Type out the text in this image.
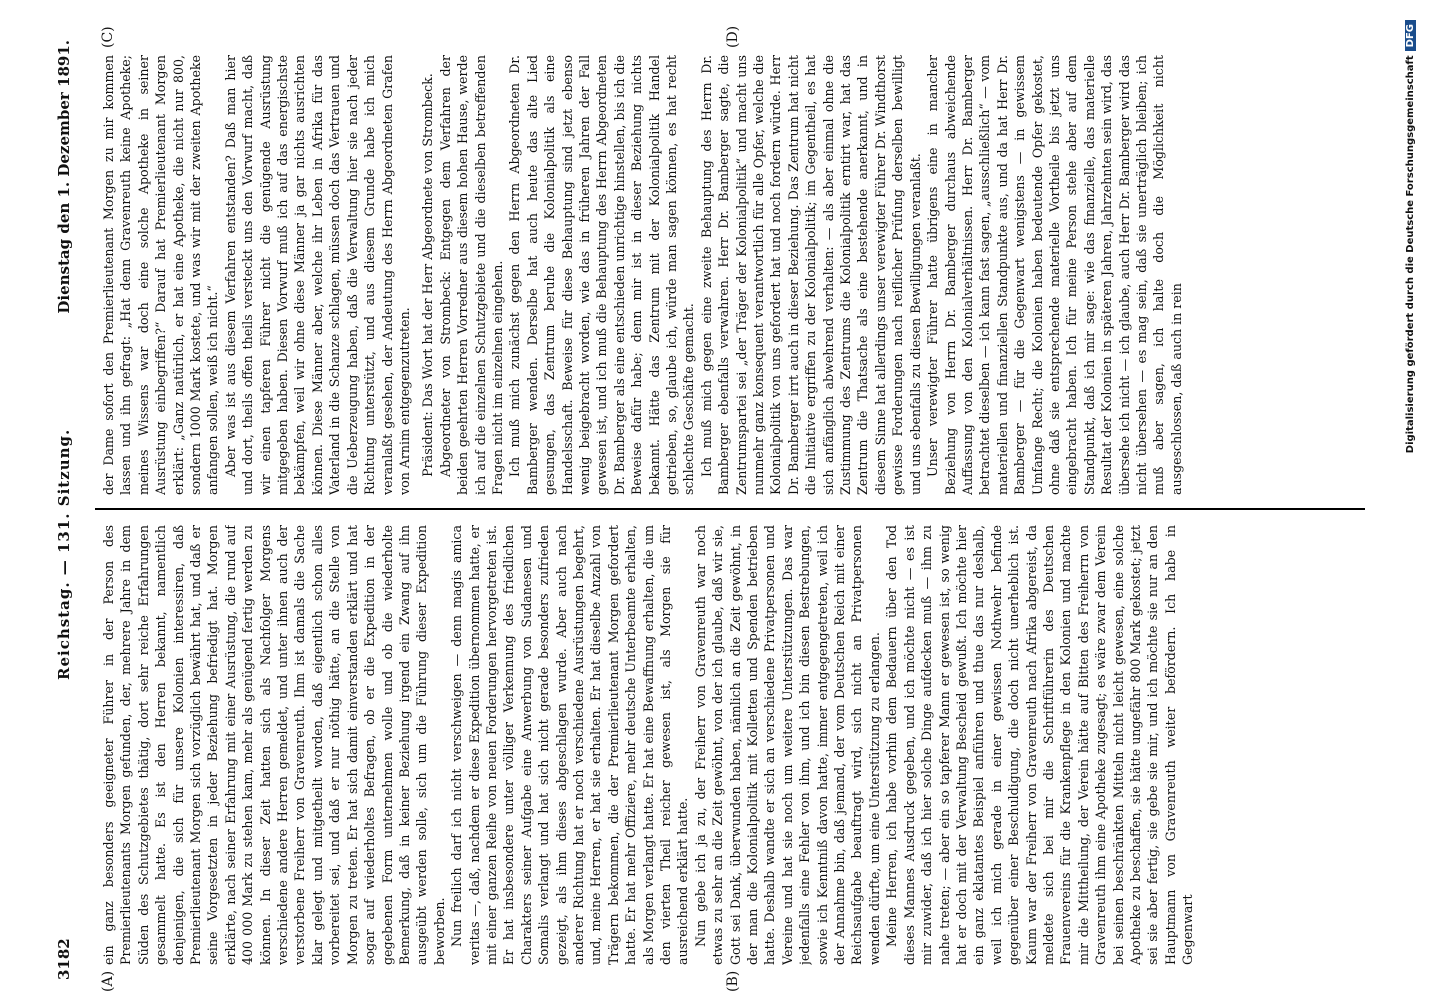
3182
Reichstag. — 131. Sitzung.
Dienstag den 1. Dezember 1891.
(A)	(B)
(C)	(D)

ein ganz besonders geeigneter Führer in der Person des Premierlieutenants Morgen gefunden, der, mehrere Jahre in dem Süden des Schutzgebietes thätig, dort sehr reiche Erfahrungen gesammelt hatte. Es ist den Herren bekannt, namentlich denjenigen, die sich für unsere Kolonien interessiren, daß Premierlieutenant Morgen sich vorzüglich bewährt hat, und daß er seine Vorgesetzten in jeder Beziehung befriedigt hat. Morgen erklärte, nach seiner Erfahrung mit einer Ausrüstung, die rund auf 400 000 Mark zu stehen kam, mehr als genügend fertig werden zu können. In dieser Zeit hatten sich als Nachfolger Morgens verschiedene andere Herren gemeldet, und unter ihnen auch der verstorbene Freiherr von Gravenreuth. Ihm ist damals die Sache klar gelegt und mitgetheilt worden, daß eigentlich schon alles vorbereitet sei, und daß er nur nöthig hätte, an die Stelle von Morgen zu treten. Er hat sich damit einverstanden erklärt und hat sogar auf wiederholtes Befragen, ob er die Expedition in der gegebenen Form unternehmen wolle und ob die wiederholte Bemerkung, daß in keiner Beziehung irgend ein Zwang auf ihn ausgeübt werden solle, sich um die Führung dieser Expedition beworben. Nun freilich darf ich nicht verschweigen — denn magis amica veritas —, daß, nachdem er diese Expedition übernommen hatte, er mit einer ganzen Reihe von neuen Forderungen hervorgetreten ist. Er hat insbesondere unter völliger Verkennung des friedlichen Charakters seiner Aufgabe eine Anwerbung von Sudanesen und Somalis verlangt und hat sich nicht gerade besonders zufrieden gezeigt, als ihm dieses abgeschlagen wurde. Aber auch nach anderer Richtung hat er noch verschiedene Ausrüstungen begehrt, und, meine Herren, er hat sie erhalten. Er hat dieselbe Anzahl von Trägern bekommen, die der Premierlieutenant Morgen gefordert hatte. Er hat mehr Offiziere, mehr deutsche Unterbeamte erhalten, als Morgen verlangt hatte. Er hat eine Bewaffnung erhalten, die um den vierten Theil reicher gewesen ist, als Morgen sie für ausreichend erklärt hatte. Nun gebe ich ja zu, der Freiherr von Gravenreuth war noch etwas zu sehr an die Zeit gewöhnt, von der ich glaube, daß wir sie, Gott sei Dank, überwunden haben, nämlich an die Zeit gewöhnt, in der man die Kolonialpolitik mit Kolletten und Spenden betrieben hatte. Deshalb wandte er sich an verschiedene Privatpersonen und Vereine und hat sie noch um weitere Unterstützungen. Das war jedenfalls eine Fehler von ihm, und ich bin diesen Bestrebungen, sowie ich Kenntniß davon hatte, immer entgegengetreten, weil ich der Annahme bin, daß jemand, der vom Deutschen Reich mit einer Reichsaufgabe beauftragt wird, sich nicht an Privatpersonen wenden dürfte, um eine Unterstützung zu erlangen. Meine Herren, ich habe vorhin dem Bedauern über den Tod dieses Mannes Ausdruck gegeben, und ich möchte nicht — es ist mir zuwider, daß ich hier solche Dinge aufdecken muß — ihm zu nahe treten; — aber ein so tapferer Mann er gewesen ist, so wenig hat er doch mit der Verwaltung Bescheid gewußt. Ich möchte hier ein ganz eklatantes Beispiel anführen und thue das nur deshalb, weil ich mich gerade in einer gewissen Nothwehr befinde gegenüber einer Beschuldigung, die doch nicht unerheblich ist. Kaum war der Freiherr von Gravenreuth nach Afrika abgereist, da meldete sich bei mir die Schriftführerin des Deutschen Frauenvereins für die Krankenpflege in den Kolonien und machte mir die Mittheilung, der Verein hätte auf Bitten des Freiherrn von Gravenreuth ihm eine Apotheke zugesagt; es wäre zwar dem Verein bei seinen beschränkten Mitteln nicht leicht gewesen, eine solche Apotheke zu beschaffen, sie hätte ungefähr 800 Mark gekostet; jetzt sei sie aber fertig, sie gebe sie mir, und ich möchte sie nur an den Hauptmann von Gravenreuth weiter befördern. Ich habe in Gegenwart

der Dame sofort den Premierlieutenant Morgen zu mir kommen lassen und ihn gefragt: „Hat denn Gravenreuth keine Apotheke; meines Wissens war doch eine solche Apotheke in seiner Ausrüstung einbegriffen?“ Darauf hat Premierlieutenant Morgen erklärt: „Ganz natürlich, er hat eine Apotheke, die nicht nur 800, sondern 1000 Mark kostete, und was wir mit der zweiten Apotheke anfangen sollen, weiß ich nicht.“ Aber was ist aus diesem Verfahren entstanden? Daß man hier und dort, theils offen theils versteckt uns den Vorwurf macht, daß wir einen tapferen Führer nicht die genügende Ausrüstung mitgegeben haben. Diesen Vorwurf muß ich auf das energischste bekämpfen, weil wir ohne diese Männer ja gar nichts ausrichten können. Diese Männer aber, welche ihr Leben in Afrika für das Vaterland in die Schanze schlagen, müssen doch das Vertrauen und die Ueberzeugung haben, daß die Verwaltung hier sie nach jeder Richtung unterstützt, und aus diesem Grunde habe ich mich veranlaßt gesehen, der Andeutung des Herrn Abgeordneten Grafen von Arnim entgegenzutreten. Präsident: Das Wort hat der Herr Abgeordnete von Strombeck. Abgeordneter von Strombeck: Entgegen dem Verfahren der beiden geehrten Herren Vorredner aus diesem hohen Hause, werde ich auf die einzelnen Schutzgebiete und die dieselben betreffenden Fragen nicht im einzelnen eingehen. Ich muß mich zunächst gegen den Herrn Abgeordneten Dr. Bamberger wenden. Derselbe hat auch heute das alte Lied gesungen, das Zentrum beruhe die Kolonialpolitik als eine Handelsschaft. Beweise für diese Behauptung sind jetzt ebenso wenig beigebracht worden, wie das in früheren Jahren der Fall gewesen ist, und ich muß die Behauptung des Herrn Abgeordneten Dr. Bamberger als eine entschieden unrichtige hinstellen, bis ich die Beweise dafür habe; denn mir ist in dieser Beziehung nichts bekannt. Hätte das Zentrum mit der Kolonialpolitik Handel getrieben, so, glaube ich, würde man sagen können, es hat recht schlechte Geschäfte gemacht. Ich muß mich gegen eine zweite Behauptung des Herrn Dr. Bamberger ebenfalls verwahren. Herr Dr. Bamberger sagte, die Zentrumspartei sei „der Träger der Kolonialpolitik“ und macht uns nunmehr ganz konsequent verantwortlich für alle Opfer, welche die Kolonialpolitik von uns gefordert hat und noch fordern würde. Herr Dr. Bamberger irrt auch in dieser Beziehung. Das Zentrum hat nicht die Initiative ergriffen zu der Kolonialpolitik; im Gegentheil, es hat sich anfänglich abwehrend verhalten: — als aber einmal ohne die Zustimmung des Zentrums die Kolonialpolitik erntirt war, hat das Zentrum die Thatsache als eine bestehende anerkannt, und in diesem Sinne hat allerdings unser verewigter Führer Dr. Windthorst gewisse Forderungen nach reiflicher Prüfung derselben bewilligt und uns ebenfalls zu diesen Bewilligungen veranlaßt. Unser verewigter Führer hatte übrigens eine in mancher Beziehung von Herrn Dr. Bamberger durchaus abweichende Auffassung von den Kolonialverhältnissen. Herr Dr. Bamberger betrachtet dieselben — ich kann fast sagen, „ausschließlich“ — vom materiellen und finanziellen Standpunkte aus, und da hat Herr Dr. Bamberger — für die Gegenwart wenigstens — in gewissem Umfange Recht; die Kolonien haben bedeutende Opfer gekostet, ohne daß sie entsprechende materielle Vortheile bis jetzt uns eingebracht haben. Ich für meine Person stehe aber auf dem Standpunkt, daß ich mir sage: wie das finanzielle, das materielle Resultat der Kolonien in späteren Jahren, Jahrzehnten sein wird, das übersehe ich nicht — ich glaube, auch Herr Dr. Bamberger wird das nicht übersehen — es mag sein, daß sie unerträglich bleiben; ich muß aber sagen, ich halte doch die Möglichkeit nicht ausgeschlossen, daß auch in rein	Digitalisierung gefördert durch die Deutsche ForschungsgemeinschaftDFG
